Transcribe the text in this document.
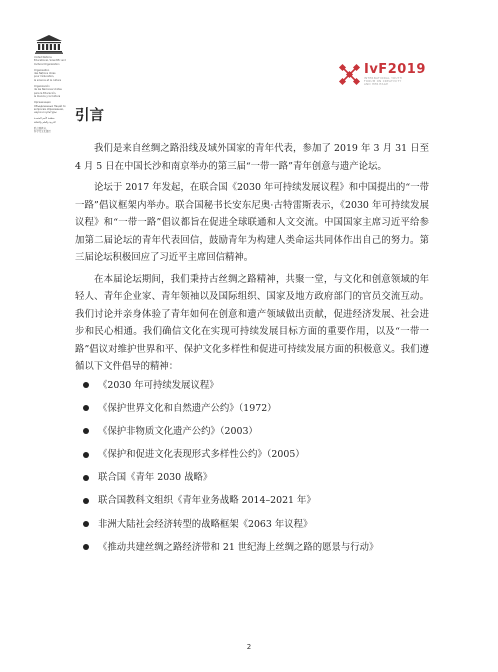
United Nations
Educational, Scientific and
Cultural Organization
Organisation
des Nations Unies
pour l'éducation,
la science et la culture
Organización
de las Naciones Unidas
para la Educación,
la Ciencia y la Cultura
Организация
Объединенных Наций по
вопросам образования,
науки и культуры
منظمة الأمم المتحدة
للتربية والعلم والثقافة
联合国教育、
科学及文化组织
IvF2019
INTERNATIONAL YOUTH
FORUM ON CREATIVITY
AND HERITAGE
引言

我们是来自丝绸之路沿线及域外国家的青年代表，参加了 2019 年 3 月 31 日至 4 月 5 日在中国长沙和南京举办的第三届“一带一路”青年创意与遗产论坛。

论坛于 2017 年发起，在联合国《2030 年可持续发展议程》和中国提出的“一带一路”倡议框架内举办。联合国秘书长安东尼奥·古特雷斯表示，《2030 年可持续发展议程》和“一带一路”倡议都旨在促进全球联通和人文交流。中国国家主席习近平给参加第二届论坛的青年代表回信，鼓励青年为构建人类命运共同体作出自己的努力。第三届论坛积极回应了习近平主席回信精神。

在本届论坛期间，我们秉持古丝绸之路精神，共聚一堂，与文化和创意领域的年轻人、青年企业家、青年领袖以及国际组织、国家及地方政府部门的官员交流互动。我们讨论并亲身体验了青年如何在创意和遗产领域做出贡献，促进经济发展、社会进步和民心相通。我们确信文化在实现可持续发展目标方面的重要作用，以及“一带一路”倡议对维护世界和平、保护文化多样性和促进可持续发展方面的积极意义。我们遵循以下文件倡导的精神：

《2030 年可持续发展议程》
《保护世界文化和自然遗产公约》（1972）
《保护非物质文化遗产公约》（2003）
《保护和促进文化表现形式多样性公约》（2005）
联合国《青年 2030 战略》
联合国教科文组织《青年业务战略 2014–2021 年》
非洲大陆社会经济转型的战略框架《2063 年议程》
《推动共建丝绸之路经济带和 21 世纪海上丝绸之路的愿景与行动》
2
